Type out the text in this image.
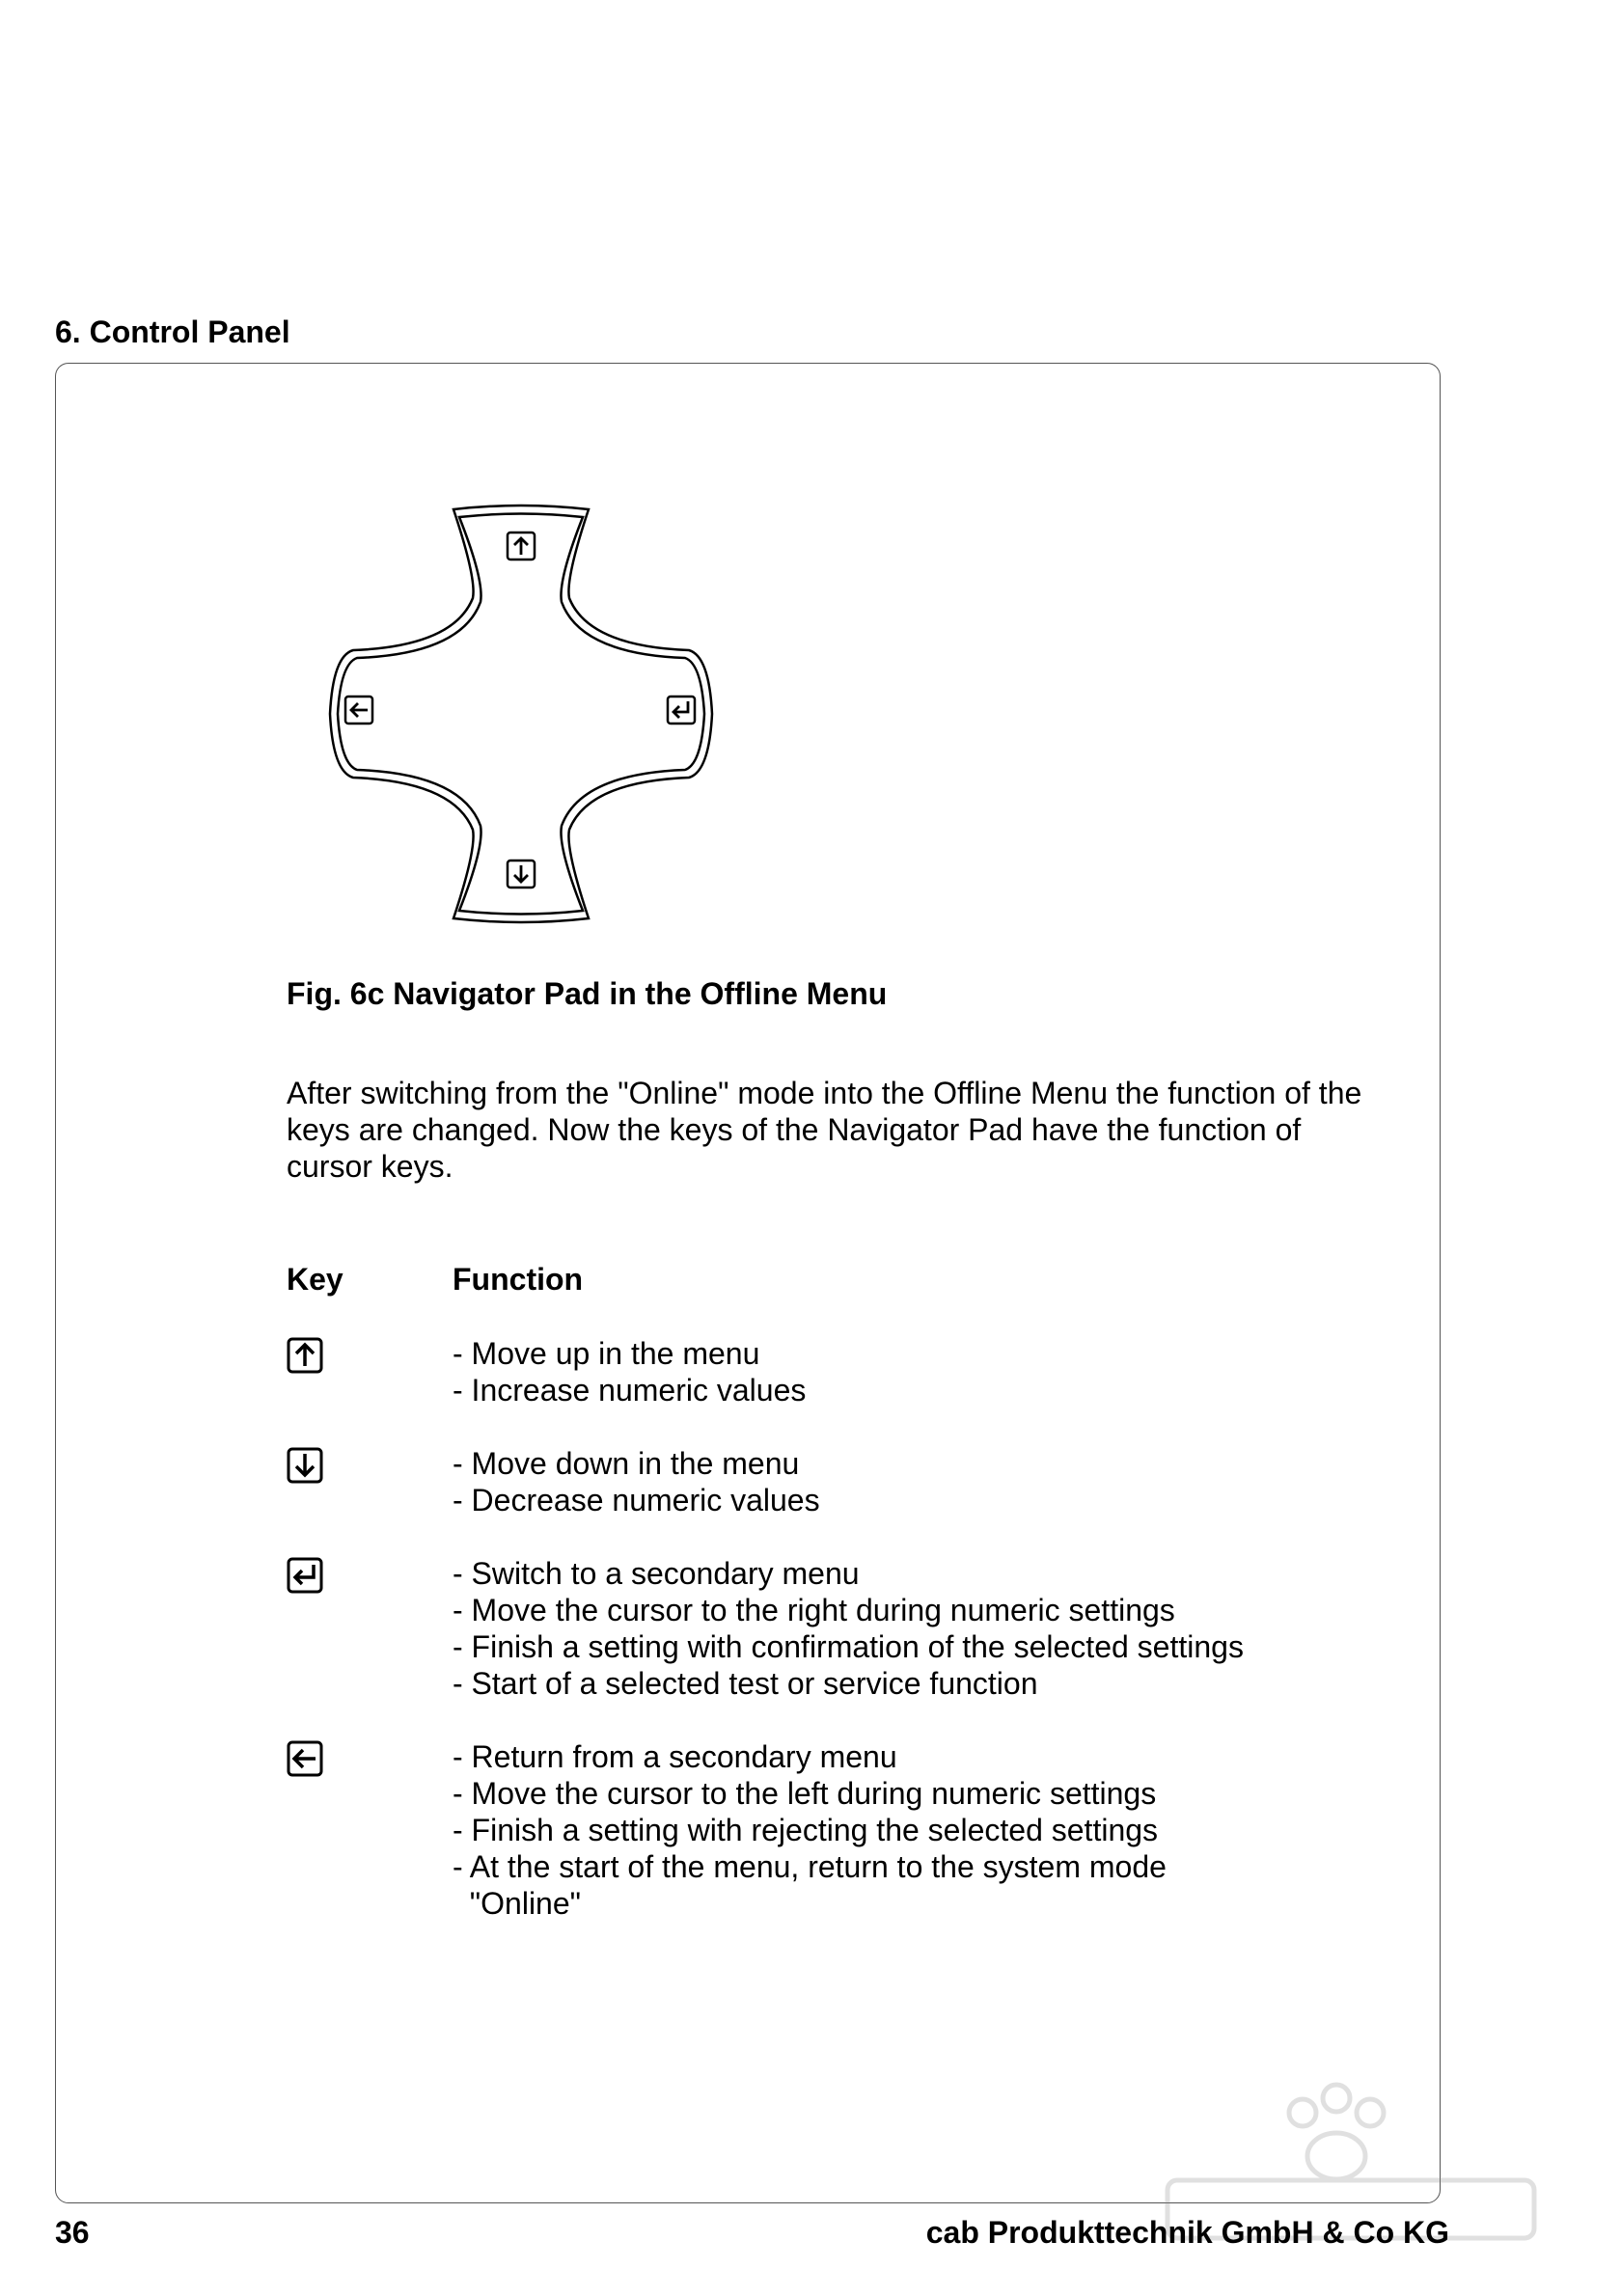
6. Control Panel

Fig. 6c Navigator Pad in the Offline Menu

After switching from the "Online" mode into the Offline Menu the function of the
keys are changed. Now the keys of the Navigator Pad have the function of
cursor keys.
Key	Function
- Move up in the menu
- Increase numeric values
- Move down in the menu
- Decrease numeric values
- Switch to a secondary menu
- Move the cursor to the right during numeric settings
- Finish a setting with confirmation of the selected settings
- Start of a selected test or service function
- Return from a secondary menu
- Move the cursor to the left during numeric settings
- Finish a setting with rejecting the selected settings
- At the start of the menu, return to the system mode
"Online"
36	cab Produkttechnik GmbH & Co KG
